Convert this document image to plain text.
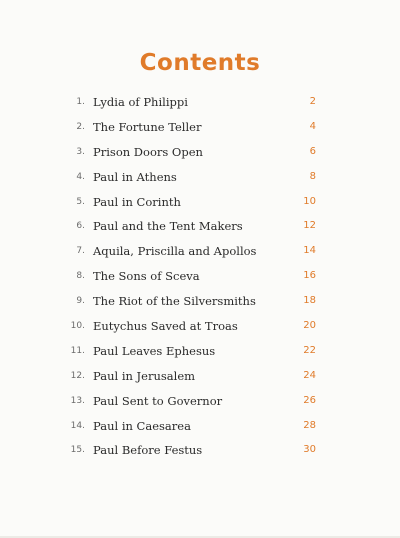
Contents
1. Lydia of Philippi	2
2. The Fortune Teller	4
3. Prison Doors Open	6
4. Paul in Athens	8
5. Paul in Corinth	10
6. Paul and the Tent Makers	12
7. Aquila, Priscilla and Apollos	14
8. The Sons of Sceva	16
9. The Riot of the Silversmiths	18
10. Eutychus Saved at Troas	20
11. Paul Leaves Ephesus	22
12. Paul in Jerusalem	24
13. Paul Sent to Governor	26
14. Paul in Caesarea	28
15. Paul Before Festus	30
